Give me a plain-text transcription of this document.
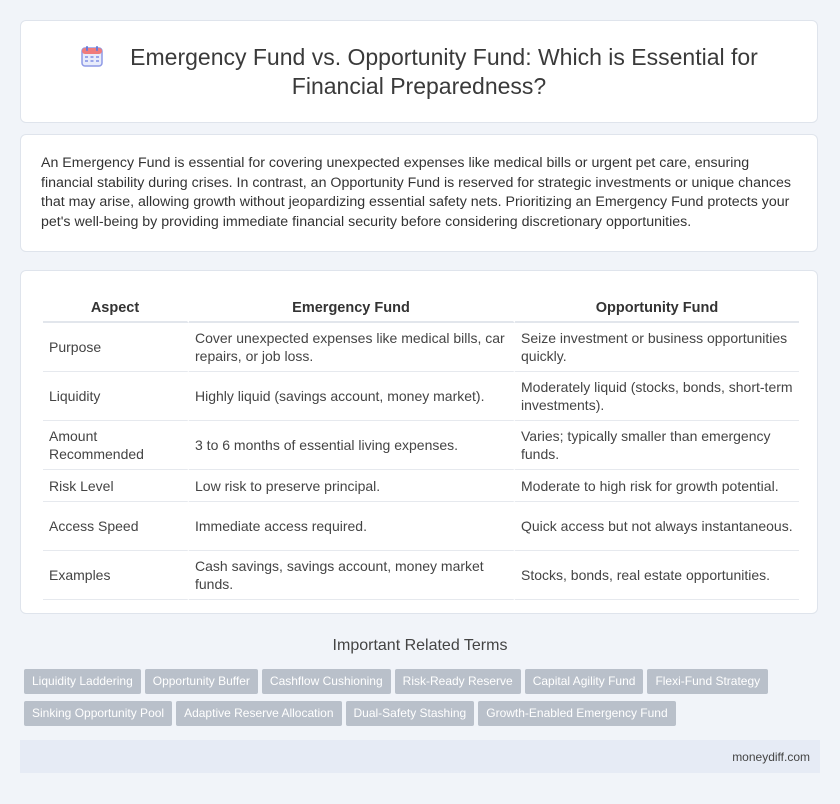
Emergency Fund vs. Opportunity Fund: Which is Essential for
Financial Preparedness?
An Emergency Fund is essential for covering unexpected expenses like medical bills or urgent pet care, ensuring financial stability during crises. In contrast, an Opportunity Fund is reserved for strategic investments or unique chances that may arise, allowing growth without jeopardizing essential safety nets. Prioritizing an Emergency Fund protects your pet's well-being by providing immediate financial security before considering discretionary opportunities.
Aspect	Emergency Fund	Opportunity Fund
Purpose	Cover unexpected expenses like medical bills, car repairs, or job loss.	Seize investment or business opportunities quickly.
Liquidity	Highly liquid (savings account, money market).	Moderately liquid (stocks, bonds, short-term investments).
Amount Recommended	3 to 6 months of essential living expenses.	Varies; typically smaller than emergency funds.
Risk Level	Low risk to preserve principal.	Moderate to high risk for growth potential.
Access Speed	Immediate access required.	Quick access but not always instantaneous.
Examples	Cash savings, savings account, money market funds.	Stocks, bonds, real estate opportunities.
Important Related Terms
Liquidity Laddering Opportunity Buffer Cashflow Cushioning Risk-Ready Reserve Capital Agility Fund Flexi-Fund Strategy
Sinking Opportunity Pool Adaptive Reserve Allocation Dual-Safety Stashing Growth-Enabled Emergency Fund
moneydiff.com
